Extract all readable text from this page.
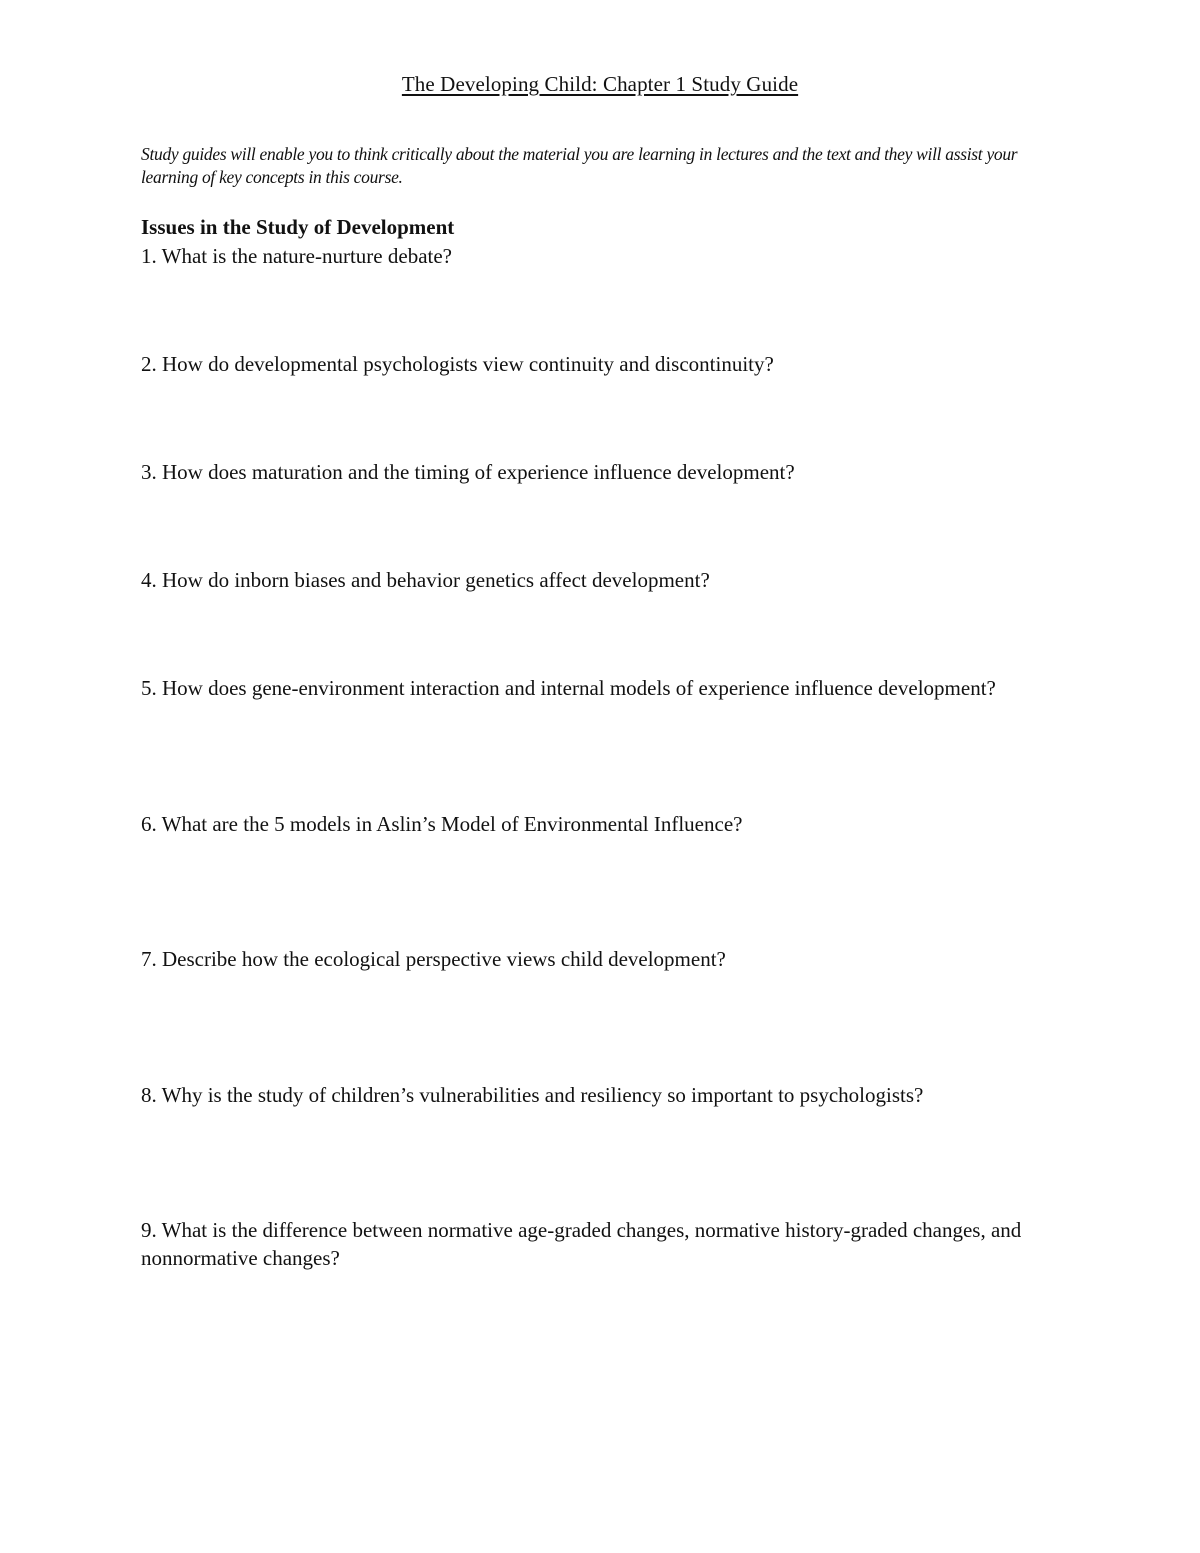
The Developing Child: Chapter 1 Study Guide
Study guides will enable you to think critically about the material you are learning in lectures and the text and they will assist your learning of key concepts in this course.
Issues in the Study of Development
1. What is the nature-nurture debate?
2. How do developmental psychologists view continuity and discontinuity?
3. How does maturation and the timing of experience influence development?
4. How do inborn biases and behavior genetics affect development?
5. How does gene-environment interaction and internal models of experience influence development?
6. What are the 5 models in Aslin’s Model of Environmental Influence?
7. Describe how the ecological perspective views child development?
8. Why is the study of children’s vulnerabilities and resiliency so important to psychologists?
9. What is the difference between normative age-graded changes, normative history-graded changes, and nonnormative changes?
